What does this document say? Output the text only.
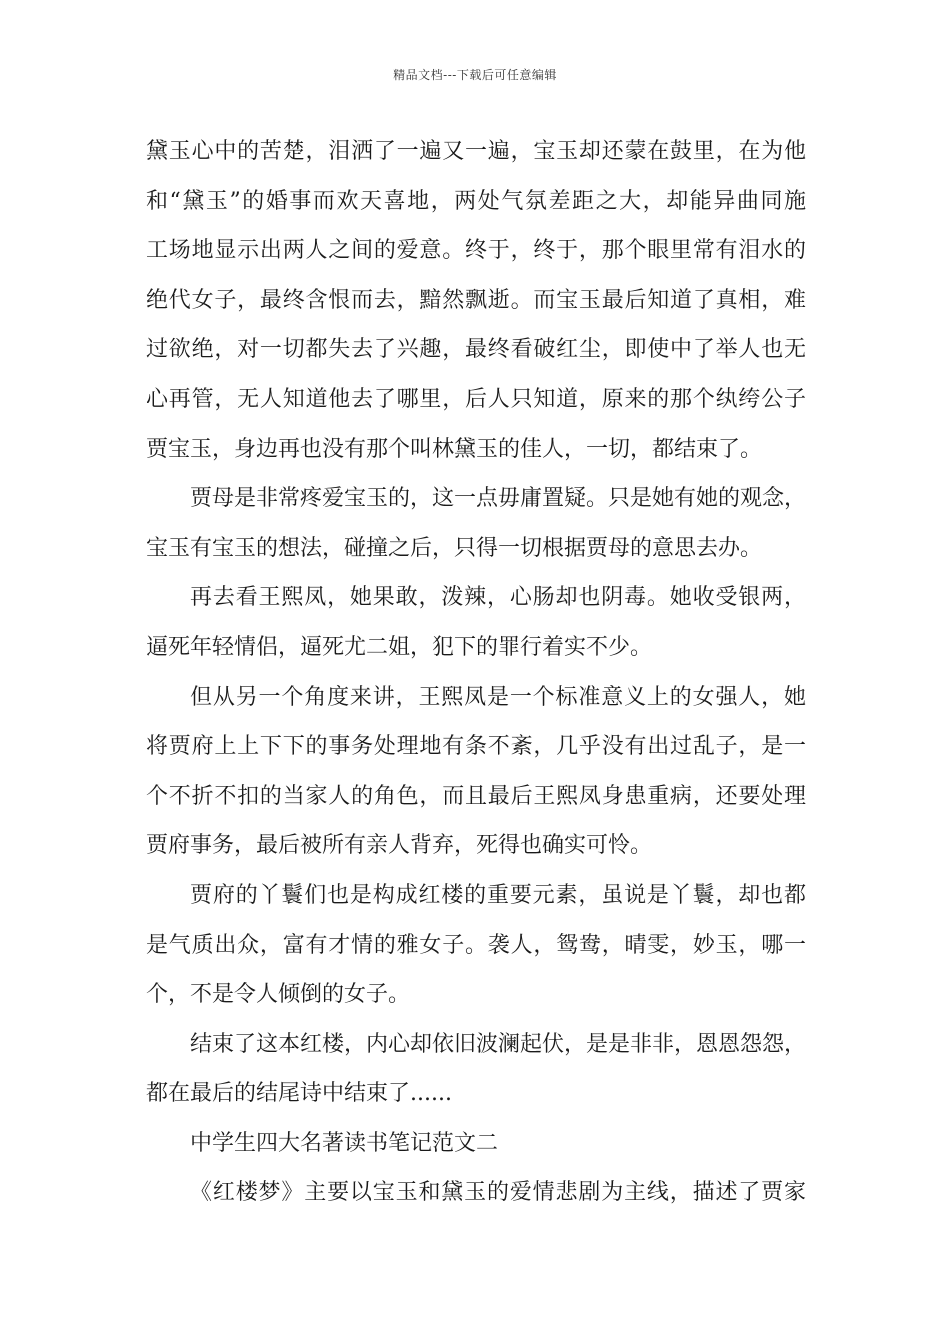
精品文档---下载后可任意编辑
黛玉心中的苦楚，泪洒了一遍又一遍，宝玉却还蒙在鼓里，在为他
和“黛玉”的婚事而欢天喜地，两处气氛差距之大，却能异曲同施
工场地显示出两人之间的爱意。终于，终于，那个眼里常有泪水的
绝代女子，最终含恨而去，黯然飘逝。而宝玉最后知道了真相，难
过欲绝，对一切都失去了兴趣，最终看破红尘，即使中了举人也无
心再管，无人知道他去了哪里，后人只知道，原来的那个纨绔公子
贾宝玉，身边再也没有那个叫林黛玉的佳人，一切，都结束了。
贾母是非常疼爱宝玉的，这一点毋庸置疑。只是她有她的观念，
宝玉有宝玉的想法，碰撞之后，只得一切根据贾母的意思去办。
再去看王熙凤，她果敢，泼辣，心肠却也阴毒。她收受银两，
逼死年轻情侣，逼死尤二姐，犯下的罪行着实不少。
但从另一个角度来讲，王熙凤是一个标准意义上的女强人，她
将贾府上上下下的事务处理地有条不紊，几乎没有出过乱子，是一
个不折不扣的当家人的角色，而且最后王熙凤身患重病，还要处理
贾府事务，最后被所有亲人背弃，死得也确实可怜。
贾府的丫鬟们也是构成红楼的重要元素，虽说是丫鬟，却也都
是气质出众，富有才情的雅女子。袭人，鸳鸯，晴雯，妙玉，哪一
个，不是令人倾倒的女子。
结束了这本红楼，内心却依旧波澜起伏，是是非非，恩恩怨怨，
都在最后的结尾诗中结束了......
中学生四大名著读书笔记范文二
《红楼梦》主要以宝玉和黛玉的爱情悲剧为主线，描述了贾家
